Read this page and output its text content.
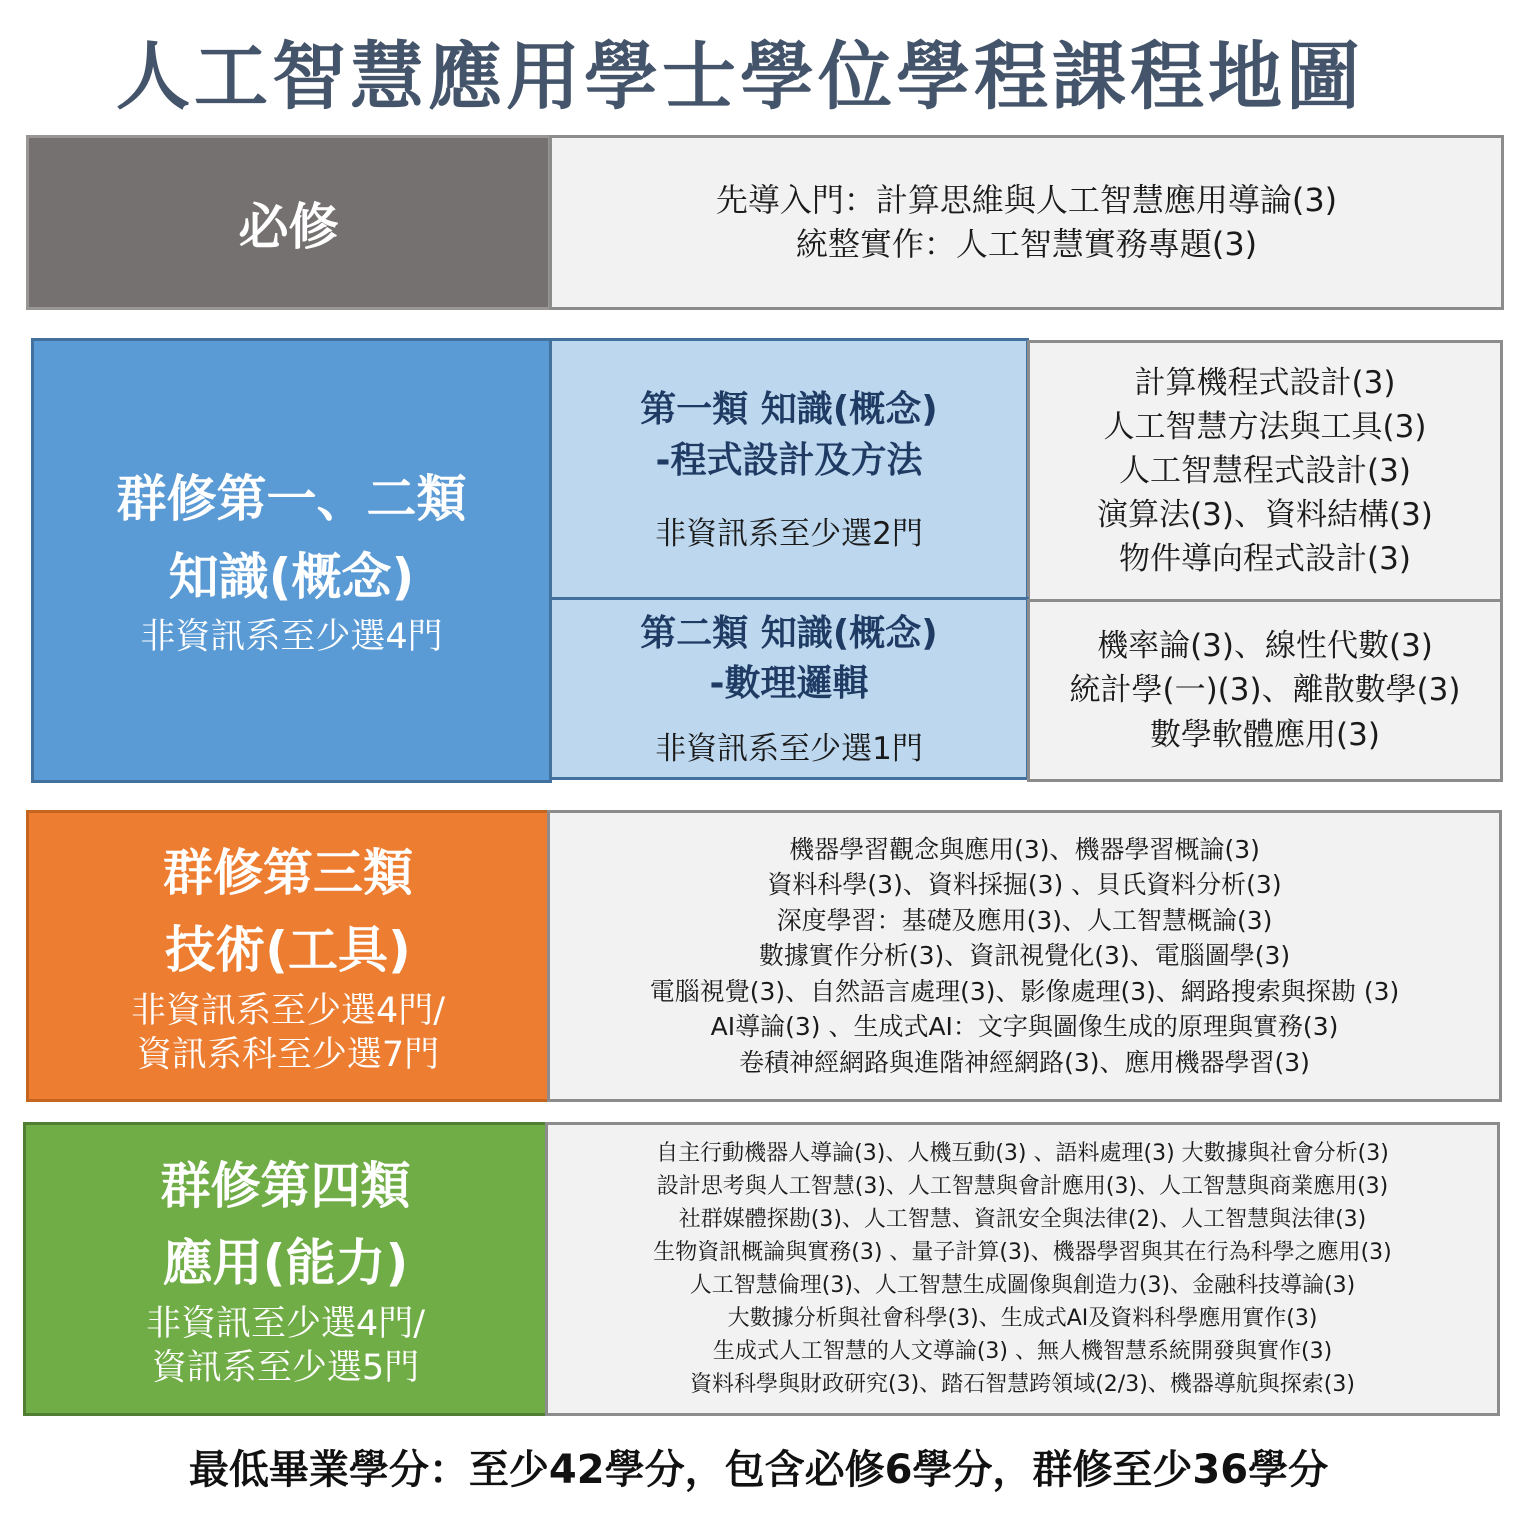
人工智慧應用學士學位學程課程地圖
必修	先導入門：計算思維與人工智慧應用導論(3)
統整實作：人工智慧實務專題(3)
群修第一、二類
知識(概念)
非資訊系至少選4門
第一類 知識(概念)
-程式設計及方法
非資訊系至少選2門
計算機程式設計(3)
人工智慧方法與工具(3)
人工智慧程式設計(3)
演算法(3)、資料結構(3)
物件導向程式設計(3)
第二類 知識(概念)
-數理邏輯
非資訊系至少選1門
機率論(3)、線性代數(3)
統計學(一)(3)、離散數學(3)
數學軟體應用(3)
群修第三類
技術(工具)
非資訊系至少選4門/
資訊系科至少選7門
機器學習觀念與應用(3)、機器學習概論(3)
資料科學(3)、資料採掘(3) 、貝氏資料分析(3)
深度學習：基礎及應用(3)、人工智慧概論(3)
數據實作分析(3)、資訊視覺化(3)、電腦圖學(3)
電腦視覺(3)、自然語言處理(3)、影像處理(3)、網路搜索與探勘 (3)
AI導論(3) 、生成式AI：文字與圖像生成的原理與實務(3)
卷積神經網路與進階神經網路(3)、應用機器學習(3)
群修第四類
應用(能力)
非資訊至少選4門/
資訊系至少選5門
自主行動機器人導論(3)、人機互動(3) 、語料處理(3) 大數據與社會分析(3)
設計思考與人工智慧(3)、人工智慧與會計應用(3)、人工智慧與商業應用(3)
社群媒體探勘(3)、人工智慧、資訊安全與法律(2)、人工智慧與法律(3)
生物資訊概論與實務(3) 、量子計算(3)、機器學習與其在行為科學之應用(3)
人工智慧倫理(3)、人工智慧生成圖像與創造力(3)、金融科技導論(3)
大數據分析與社會科學(3)、生成式AI及資料科學應用實作(3)
生成式人工智慧的人文導論(3) 、無人機智慧系統開發與實作(3)
資料科學與財政研究(3)、踏石智慧跨領域(2/3)、機器導航與探索(3)
最低畢業學分：至少42學分，包含必修6學分，群修至少36學分
